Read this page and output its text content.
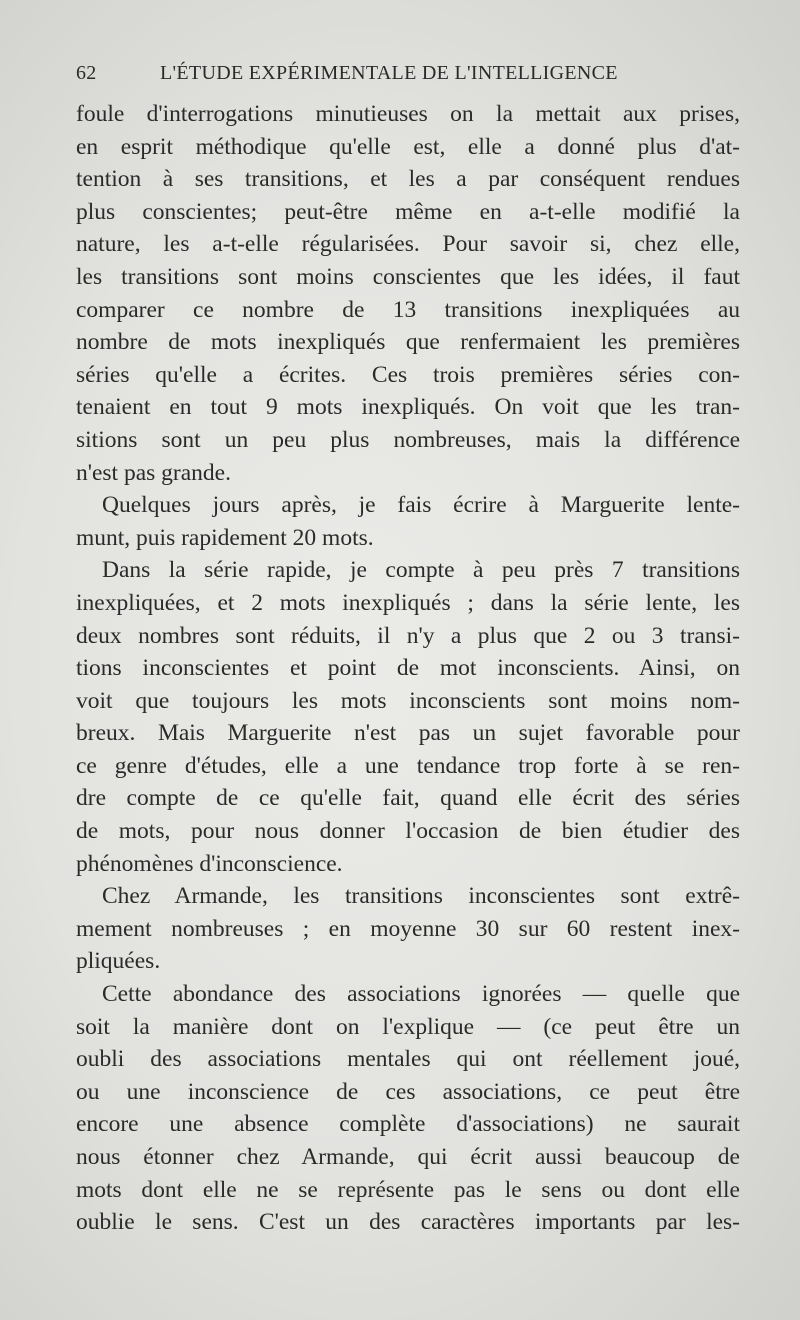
62	L'ÉTUDE EXPÉRIMENTALE DE L'INTELLIGENCE
foule d'interrogations minutieuses on la mettait aux prises,
en esprit méthodique qu'elle est, elle a donné plus d'at-
tention à ses transitions, et les a par conséquent rendues
plus conscientes; peut-être même en a-t-elle modifié la
nature, les a-t-elle régularisées. Pour savoir si, chez elle,
les transitions sont moins conscientes que les idées, il faut
comparer ce nombre de 13 transitions inexpliquées au
nombre de mots inexpliqués que renfermaient les premières
séries qu'elle a écrites. Ces trois premières séries con-
tenaient en tout 9 mots inexpliqués. On voit que les tran-
sitions sont un peu plus nombreuses, mais la différence
n'est pas grande.
Quelques jours après, je fais écrire à Marguerite lente-
munt, puis rapidement 20 mots.
Dans la série rapide, je compte à peu près 7 transitions
inexpliquées, et 2 mots inexpliqués ; dans la série lente, les
deux nombres sont réduits, il n'y a plus que 2 ou 3 transi-
tions inconscientes et point de mot inconscients. Ainsi, on
voit que toujours les mots inconscients sont moins nom-
breux. Mais Marguerite n'est pas un sujet favorable pour
ce genre d'études, elle a une tendance trop forte à se ren-
dre compte de ce qu'elle fait, quand elle écrit des séries
de mots, pour nous donner l'occasion de bien étudier des
phénomènes d'inconscience.
Chez Armande, les transitions inconscientes sont extrê-
mement nombreuses ; en moyenne 30 sur 60 restent inex-
pliquées.
Cette abondance des associations ignorées — quelle que
soit la manière dont on l'explique — (ce peut être un
oubli des associations mentales qui ont réellement joué,
ou une inconscience de ces associations, ce peut être
encore une absence complète d'associations) ne saurait
nous étonner chez Armande, qui écrit aussi beaucoup de
mots dont elle ne se représente pas le sens ou dont elle
oublie le sens. C'est un des caractères importants par les-
